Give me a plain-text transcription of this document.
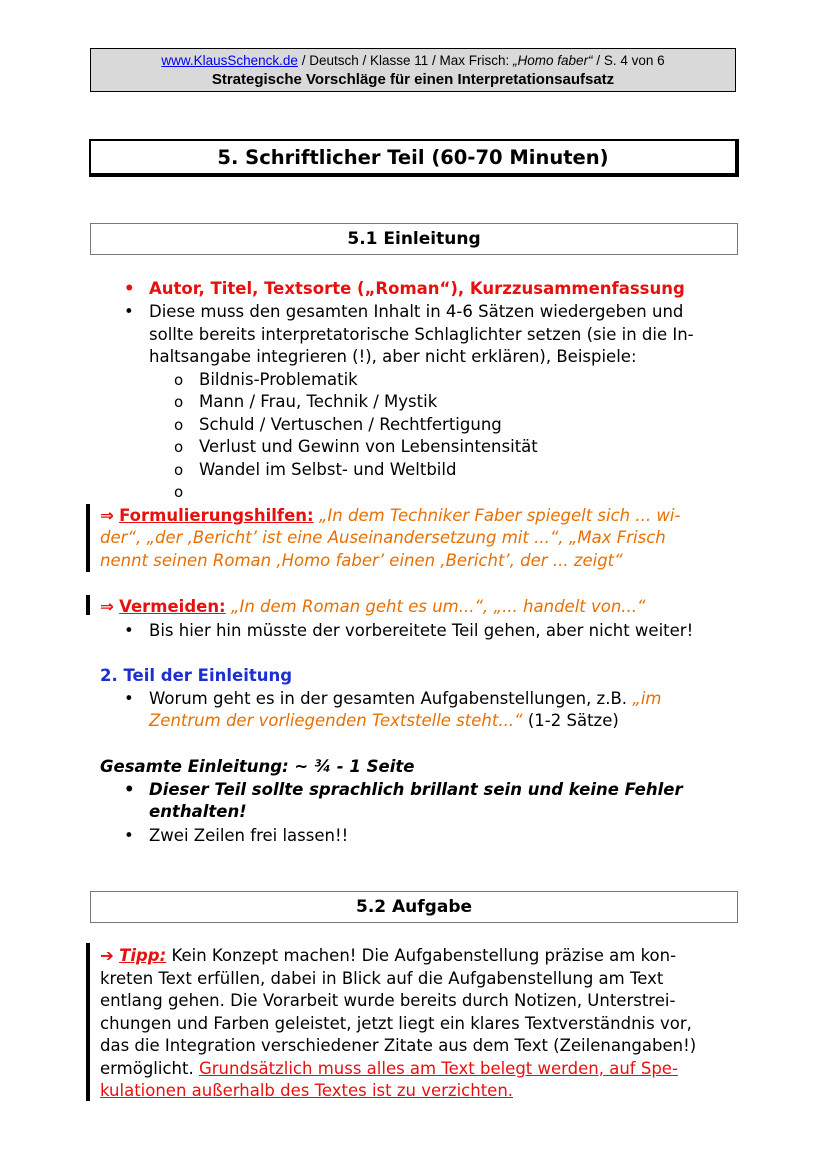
www.KlausSchenck.de / Deutsch / Klasse 11 / Max Frisch: „Homo faber“ / S. 4 von 6
Strategische Vorschläge für einen Interpretationsaufsatz
5. Schriftlicher Teil (60-70 Minuten)
5.1 Einleitung
• Autor, Titel, Textsorte („Roman“), Kurzzusammenfassung
• Diese muss den gesamten Inhalt in 4-6 Sätzen wiedergeben und
sollte bereits interpretatorische Schlaglichter setzen (sie in die In-
haltsangabe integrieren (!), aber nicht erklären), Beispiele:
o Bildnis-Problematik
o Mann / Frau, Technik / Mystik
o Schuld / Vertuschen / Rechtfertigung
o Verlust und Gewinn von Lebensintensität
o Wandel im Selbst- und Weltbild
o
⇒ Formulierungshilfen: „In dem Techniker Faber spiegelt sich ... wi-
der“, „der ‚Bericht’ ist eine Auseinandersetzung mit ...“, „Max Frisch
nennt seinen Roman ‚Homo faber’ einen ‚Bericht’, der ... zeigt“
⇒ Vermeiden: „In dem Roman geht es um...“, „... handelt von...“
• Bis hier hin müsste der vorbereitete Teil gehen, aber nicht weiter!
2. Teil der Einleitung
• Worum geht es in der gesamten Aufgabenstellungen, z.B. „im
Zentrum der vorliegenden Textstelle steht...“ (1-2 Sätze)
Gesamte Einleitung: ~ ¾ - 1 Seite
• Dieser Teil sollte sprachlich brillant sein und keine Fehler
enthalten!
• Zwei Zeilen frei lassen!!
5.2 Aufgabe
➔ Tipp: Kein Konzept machen! Die Aufgabenstellung präzise am kon-
kreten Text erfüllen, dabei in Blick auf die Aufgabenstellung am Text
entlang gehen. Die Vorarbeit wurde bereits durch Notizen, Unterstrei-
chungen und Farben geleistet, jetzt liegt ein klares Textverständnis vor,
das die Integration verschiedener Zitate aus dem Text (Zeilenangaben!)
ermöglicht. Grundsätzlich muss alles am Text belegt werden, auf Spe-
kulationen außerhalb des Textes ist zu verzichten.
